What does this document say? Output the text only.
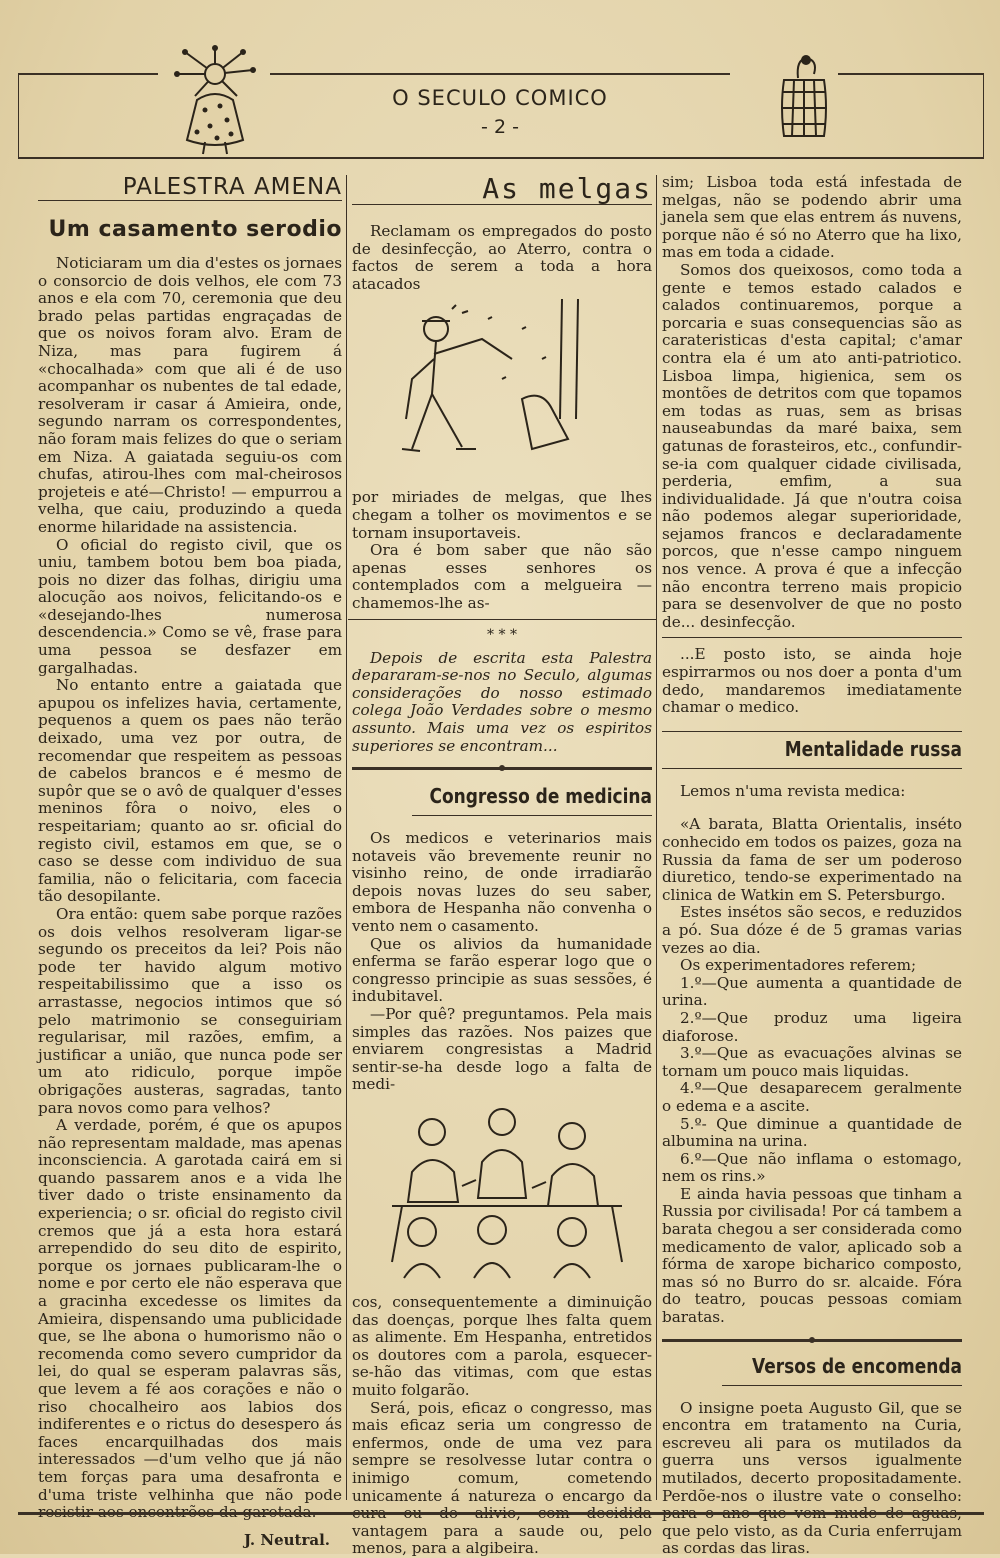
O SECULO COMICO
- 2 -
PALESTRA AMENA
Um casamento serodio

Noticiaram um dia d'estes os jornaes o consorcio de dois velhos, ele com 73 anos e ela com 70, ceremonia que deu brado pelas partidas engraçadas de que os noivos foram alvo. Eram de Niza, mas para fugirem á «chocalhada» com que ali é de uso acompanhar os nubentes de tal edade, resolveram ir casar á Amieira, onde, segundo narram os correspondentes, não foram mais felizes do que o seriam em Niza. A gaiatada seguiu-os com chufas, atirou-lhes com mal-cheirosos projeteis e até—Christo! — empurrou a velha, que caiu, produzindo a queda enorme hilaridade na assistencia.

O oficial do registo civil, que os uniu, tambem botou bem boa piada, pois no dizer das folhas, dirigiu uma alocução aos noivos, felicitando-os e «desejando-lhes numerosa descendencia.» Como se vê, frase para uma pessoa se desfazer em gargalhadas.

No entanto entre a gaiatada que apupou os infelizes havia, certamente, pequenos a quem os paes não terão deixado, uma vez por outra, de recomendar que respeitem as pessoas de cabelos brancos e é mesmo de supôr que se o avô de qualquer d'esses meninos fôra o noivo, eles o respeitariam; quanto ao sr. oficial do registo civil, estamos em que, se o caso se desse com individuo de sua familia, não o felicitaria, com facecia tão desopilante.

Ora então: quem sabe porque razões os dois velhos resolveram ligar-se segundo os preceitos da lei? Pois não pode ter havido algum motivo respeitabilissimo que a isso os arrastasse, negocios intimos que só pelo matrimonio se conseguiriam regularisar, mil razões, emfim, a justificar a união, que nunca pode ser um ato ridiculo, porque impõe obrigações austeras, sagradas, tanto para novos como para velhos?

A verdade, porém, é que os apupos não representam maldade, mas apenas inconsciencia. A garotada cairá em si quando passarem anos e a vida lhe tiver dado o triste ensinamento da experiencia; o sr. oficial do registo civil cremos que já a esta hora estará arrependido do seu dito de espirito, porque os jornaes publicaram-lhe o nome e por certo ele não esperava que a gracinha excedesse os limites da Amieira, dispensando uma publicidade que, se lhe abona o humorismo não o recomenda como severo cumpridor da lei, do qual se esperam palavras sãs, que levem a fé aos corações e não o riso chocalheiro aos labios dos indiferentes e o rictus do desespero ás faces encarquilhadas dos mais interessados —d'um velho que já não tem forças para uma desafronta e d'uma triste velhinha que não pode resistir aos encontrões da garotada.

J. Neutral.
As melgas

Reclamam os empregados do posto de desinfecção, ao Aterro, contra o factos de serem a toda a hora atacados

por miriades de melgas, que lhes chegam a tolher os movimentos e se tornam insuportaveis.

Ora é bom saber que não são apenas esses senhores os contemplados com a melgueira — chamemos-lhe as-

* * *

Depois de escrita esta Palestra depararam-se-nos no Seculo, algumas considerações do nosso estimado colega João Verdades sobre o mesmo assunto. Mais uma vez os espiritos superiores se encontram...

Congresso de medicina

Os medicos e veterinarios mais notaveis vão brevemente reunir no visinho reino, de onde irradiarão depois novas luzes do seu saber, embora de Hespanha não convenha o vento nem o casamento.

Que os alivios da humanidade enferma se farão esperar logo que o congresso principie as suas sessões, é indubitavel.

—Por quê? preguntamos. Pela mais simples das razões. Nos paizes que enviarem congresistas a Madrid sentir-se-ha desde logo a falta de medi-

cos, consequentemente a diminuição das doenças, porque lhes falta quem as alimente. Em Hespanha, entretidos os doutores com a parola, esquecer-se-hão das vitimas, com que estas muito folgarão.

Será, pois, eficaz o congresso, mas mais eficaz seria um congresso de enfermos, onde de uma vez para sempre se resolvesse lutar contra o inimigo comum, cometendo unicamente á natureza o encargo da cura ou do alivio, com decidida vantagem para a saude ou, pelo menos, para a algibeira.

sim; Lisboa toda está infestada de melgas, não se podendo abrir uma janela sem que elas entrem ás nuvens, porque não é só no Aterro que ha lixo, mas em toda a cidade.

Somos dos queixosos, como toda a gente e temos estado calados e calados continuaremos, porque a porcaria e suas consequencias são as carateristicas d'esta capital; c'amar contra ela é um ato anti-patriotico. Lisboa limpa, higienica, sem os montões de detritos com que topamos em todas as ruas, sem as brisas nauseabundas da maré baixa, sem gatunas de forasteiros, etc., confundir-se-ia com qualquer cidade civilisada, perderia, emfim, a sua individualidade. Já que n'outra coisa não podemos alegar superioridade, sejamos francos e declaradamente porcos, que n'esse campo ninguem nos vence. A prova é que a infecção não encontra terreno mais propicio para se desenvolver de que no posto de... desinfecção.

...E posto isto, se ainda hoje espirrarmos ou nos doer a ponta d'um dedo, mandaremos imediatamente chamar o medico.

Mentalidade russa

Lemos n'uma revista medica:

«A barata, Blatta Orientalis, inséto conhecido em todos os paizes, goza na Russia da fama de ser um poderoso diuretico, tendo-se experimentado na clinica de Watkin em S. Petersburgo.

Estes insétos são secos, e reduzidos a pó. Sua dóze é de 5 gramas varias vezes ao dia.

Os experimentadores referem;

1.º—Que aumenta a quantidade de urina.

2.º—Que produz uma ligeira diaforose.

3.º—Que as evacuações alvinas se tornam um pouco mais liquidas.

4.º—Que desaparecem geralmente o edema e a ascite.

5.º- Que diminue a quantidade de albumina na urina.

6.º—Que não inflama o estomago, nem os rins.»

E ainda havia pessoas que tinham a Russia por civilisada! Por cá tambem a barata chegou a ser considerada como medicamento de valor, aplicado sob a fórma de xarope bicharico composto, mas só no Burro do sr. alcaide. Fóra do teatro, poucas pessoas comiam baratas.

Versos de encomenda

O insigne poeta Augusto Gil, que se encontra em tratamento na Curia, escreveu ali para os mutilados da guerra uns versos igualmente mutilados, decerto propositadamente. Perdõe-nos o ilustre vate o conselho: para o ano que vem mude de aguas, que pelo visto, as da Curia enferrujam as cordas das liras.
